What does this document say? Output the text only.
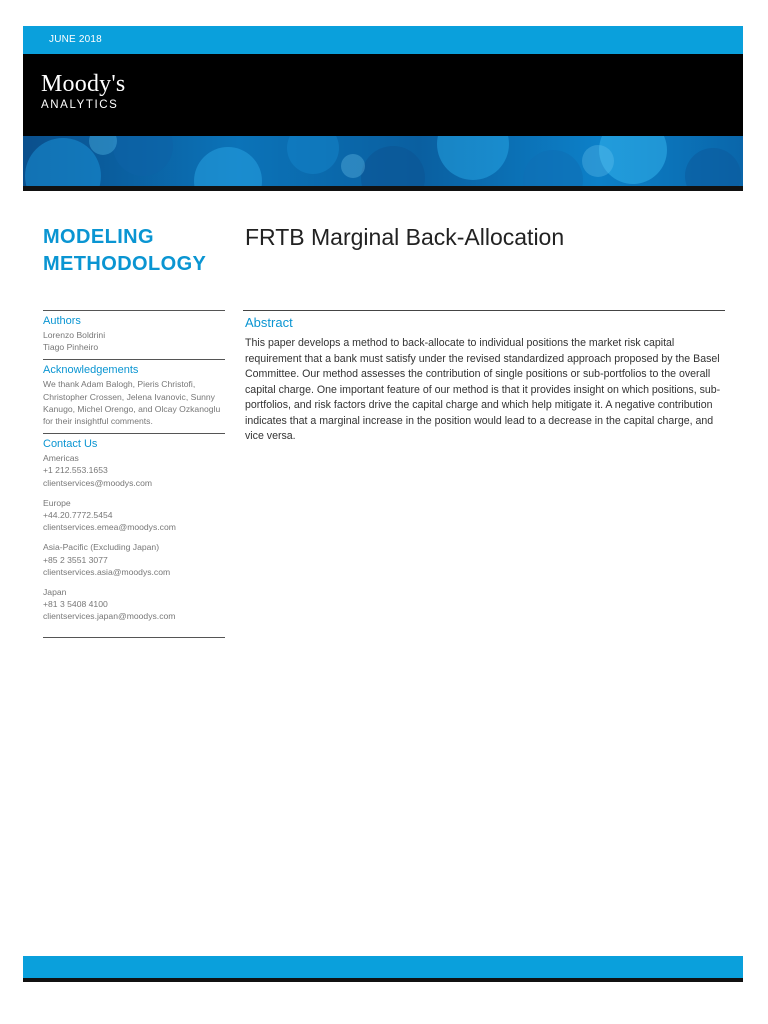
JUNE 2018
Moody's
ANALYTICS
MODELING METHODOLOGY
FRTB Marginal Back-Allocation
Authors
Lorenzo Boldrini
Tiago Pinheiro
Acknowledgements
We thank Adam Balogh, Pieris Christofi, Christopher Crossen, Jelena Ivanovic, Sunny Kanugo, Michel Orengo, and Olcay Ozkanoglu for their insightful comments.
Contact Us
Americas
+1 212.553.1653
clientservices@moodys.com
Europe
+44.20.7772.5454
clientservices.emea@moodys.com
Asia-Pacific (Excluding Japan)
+85 2 3551 3077
clientservices.asia@moodys.com
Japan
+81 3 5408 4100
clientservices.japan@moodys.com
Abstract
This paper develops a method to back-allocate to individual positions the market risk capital requirement that a bank must satisfy under the revised standardized approach proposed by the Basel Committee. Our method assesses the contribution of single positions or sub-portfolios to the overall capital charge. One important feature of our method is that it provides insight on which positions, sub-portfolios, and risk factors drive the capital charge and which help mitigate it. A negative contribution indicates that a marginal increase in the position would lead to a decrease in the capital charge, and vice versa.
